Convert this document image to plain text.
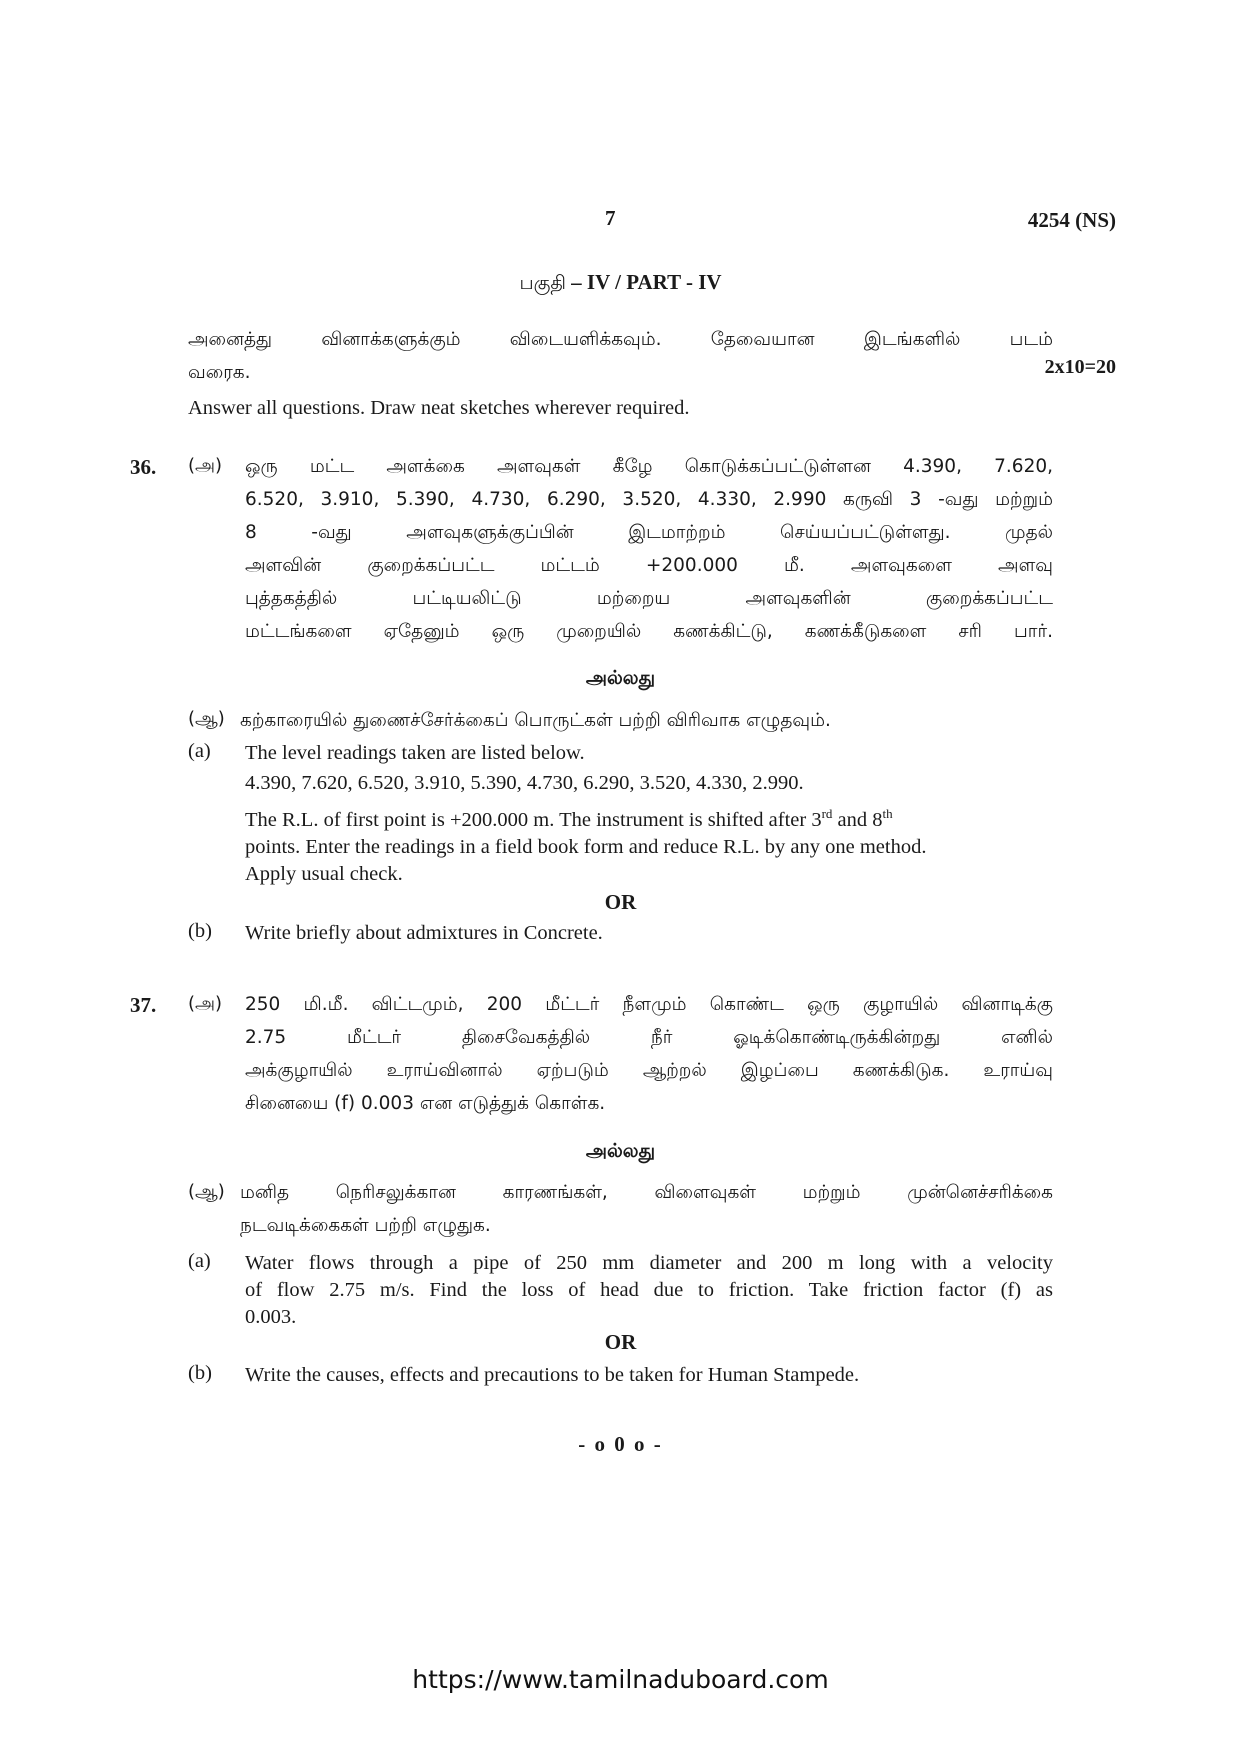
7	4254 (NS)
பகுதி – IV / PART - IV
அனைத்து வினாக்களுக்கும் விடையளிக்கவும். தேவையான இடங்களில் படம்
வரைக.	2x10=20
Answer all questions. Draw neat sketches wherever required.
36. (அ) ஒரு மட்ட அளக்கை அளவுகள் கீழே கொடுக்கப்பட்டுள்ளன 4.390, 7.620,
6.520, 3.910, 5.390, 4.730, 6.290, 3.520, 4.330, 2.990 கருவி 3 -வது மற்றும்
8 -வது அளவுகளுக்குப்பின் இடமாற்றம் செய்யப்பட்டுள்ளது. முதல்
அளவின் குறைக்கப்பட்ட மட்டம் +200.000 மீ. அளவுகளை அளவு
புத்தகத்தில் பட்டியலிட்டு மற்றைய அளவுகளின் குறைக்கப்பட்ட
மட்டங்களை ஏதேனும் ஒரு முறையில் கணக்கிட்டு, கணக்கீடுகளை சரி பார்.
அல்லது
(ஆ) கற்காரையில் துணைச்சேர்க்கைப் பொருட்கள் பற்றி விரிவாக எழுதவும்.
(a) The level readings taken are listed below.
4.390, 7.620, 6.520, 3.910, 5.390, 4.730, 6.290, 3.520, 4.330, 2.990.
The R.L. of first point is +200.000 m. The instrument is shifted after 3rd and 8th
points. Enter the readings in a field book form and reduce R.L. by any one method.
Apply usual check.
OR
(b) Write briefly about admixtures in Concrete.
37. (அ) 250 மி.மீ. விட்டமும், 200 மீட்டர் நீளமும் கொண்ட ஒரு குழாயில் வினாடிக்கு
2.75 மீட்டர் திசைவேகத்தில் நீர் ஓடிக்கொண்டிருக்கின்றது எனில்
அக்குழாயில் உராய்வினால் ஏற்படும் ஆற்றல் இழப்பை கணக்கிடுக. உராய்வு
சினையை (f) 0.003 என எடுத்துக் கொள்க.
அல்லது
(ஆ) மனித நெரிசலுக்கான காரணங்கள், விளைவுகள் மற்றும் முன்னெச்சரிக்கை
நடவடிக்கைகள் பற்றி எழுதுக.
(a) Water flows through a pipe of 250 mm diameter and 200 m long with a velocity
of flow 2.75 m/s. Find the loss of head due to friction. Take friction factor (f) as
0.003.
OR
(b) Write the causes, effects and precautions to be taken for Human Stampede.
- o 0 o -
https://www.tamilnaduboard.com
